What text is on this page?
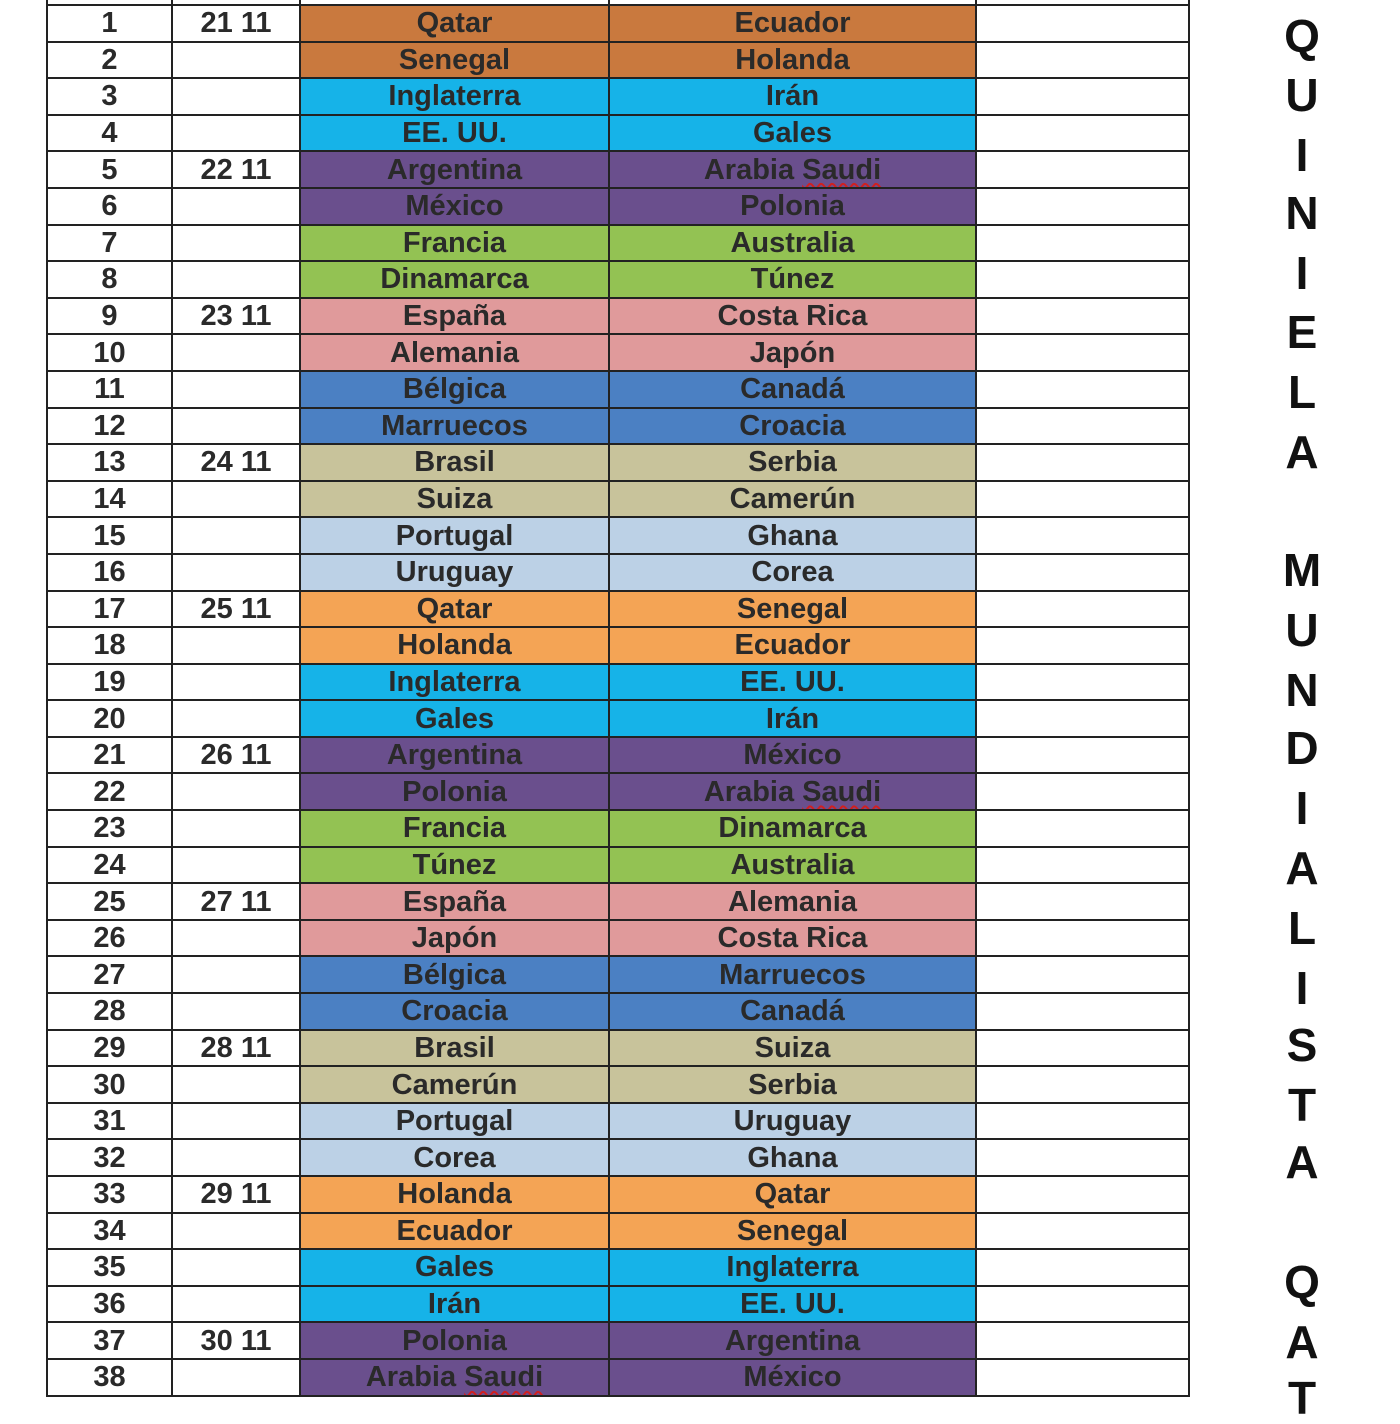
1	21 11	Qatar	Ecuador	
2		Senegal	Holanda	
3		Inglaterra	Irán	
4		EE. UU.	Gales	
5	22 11	Argentina	Arabia Saudi	
6		México	Polonia	
7		Francia	Australia	
8		Dinamarca	Túnez	
9	23 11	España	Costa Rica	
10		Alemania	Japón	
11		Bélgica	Canadá	
12		Marruecos	Croacia	
13	24 11	Brasil	Serbia	
14		Suiza	Camerún	
15		Portugal	Ghana	
16		Uruguay	Corea	
17	25 11	Qatar	Senegal	
18		Holanda	Ecuador	
19		Inglaterra	EE. UU.	
20		Gales	Irán	
21	26 11	Argentina	México	
22		Polonia	Arabia Saudi	
23		Francia	Dinamarca	
24		Túnez	Australia	
25	27 11	España	Alemania	
26		Japón	Costa Rica	
27		Bélgica	Marruecos	
28		Croacia	Canadá	
29	28 11	Brasil	Suiza	
30		Camerún	Serbia	
31		Portugal	Uruguay	
32		Corea	Ghana	
33	29 11	Holanda	Qatar	
34		Ecuador	Senegal	
35		Gales	Inglaterra	
36		Irán	EE. UU.	
37	30 11	Polonia	Argentina	
38		Arabia Saudi	México	
Q
U
I
N
I
E
L
A
M
U
N
D
I
A
L
I
S
T
A
Q
A
T
